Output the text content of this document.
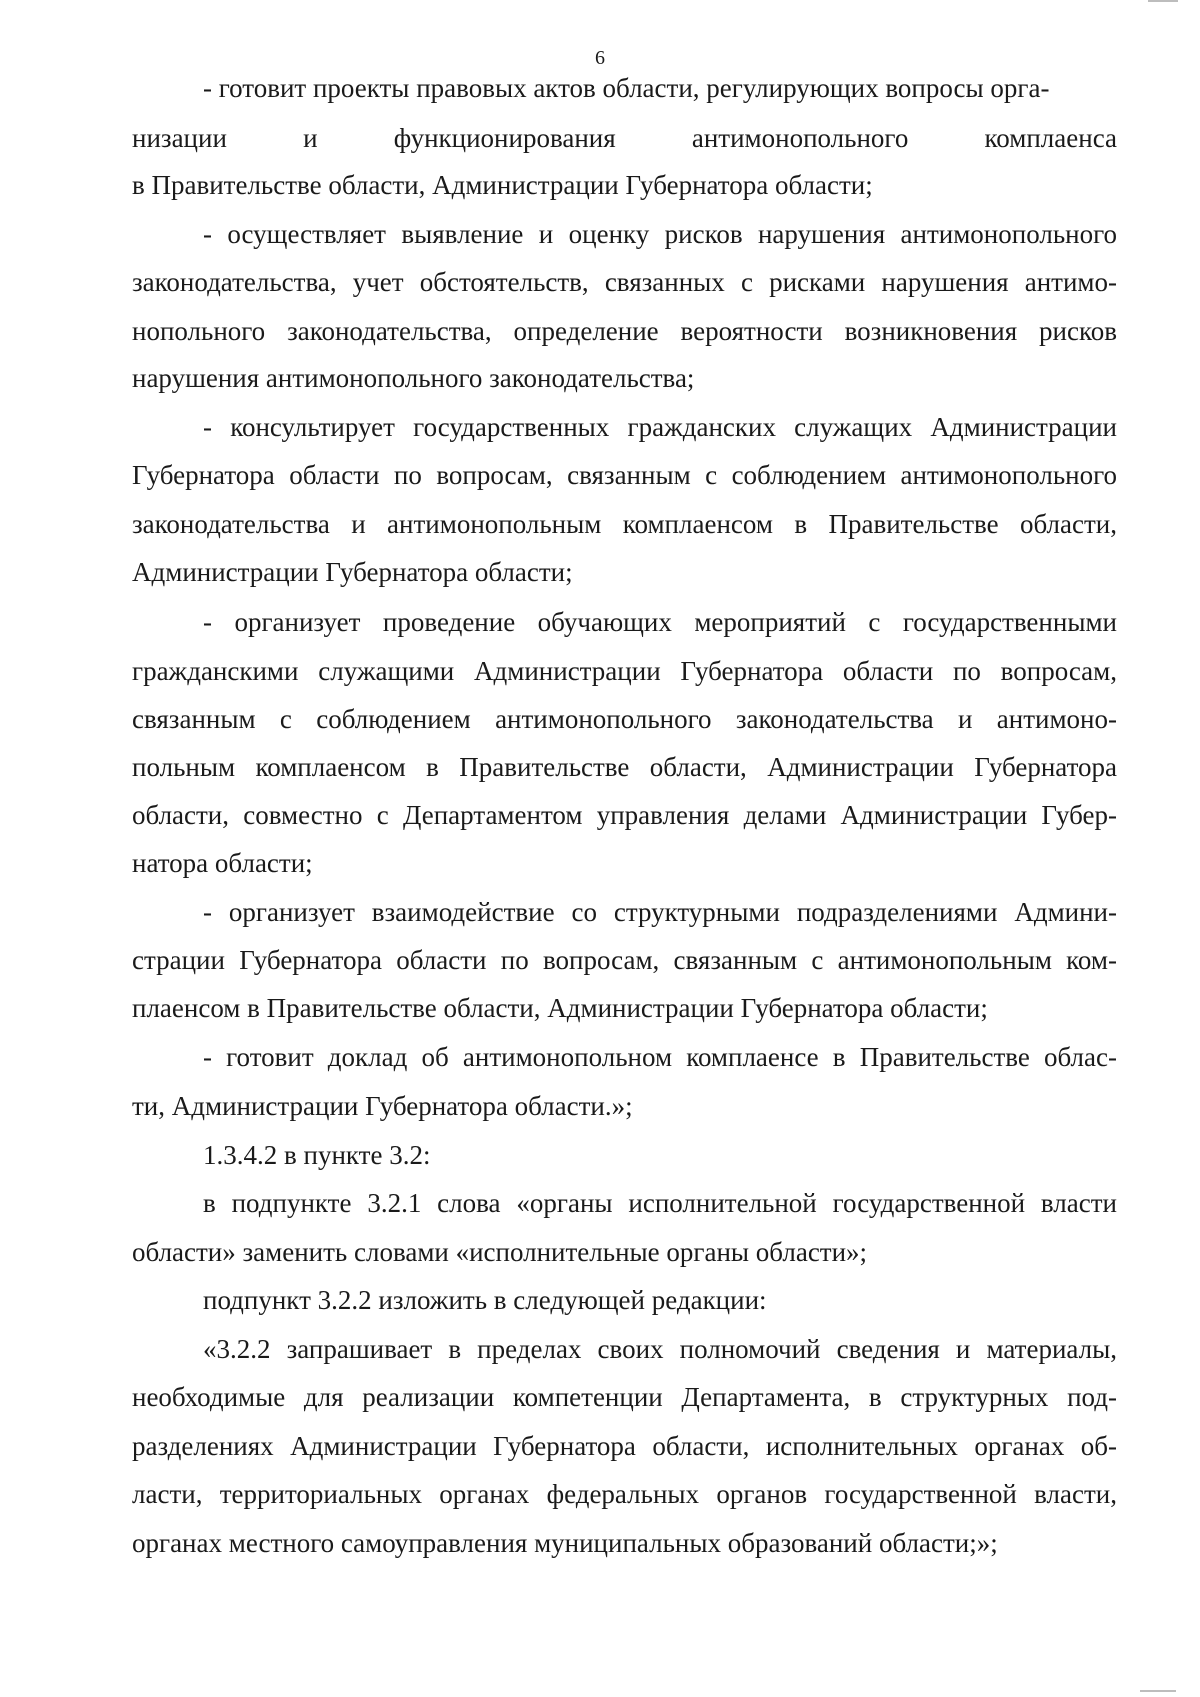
6
- готовит проекты правовых актов области, регулирующих вопросы орга-
низации и функционирования антимонопольного комплаенса
в Правительстве области, Администрации Губернатора области;
- осуществляет выявление и оценку рисков нарушения антимонопольного
законодательства, учет обстоятельств, связанных с рисками нарушения антимо-
нопольного законодательства, определение вероятности возникновения рисков
нарушения антимонопольного законодательства;
- консультирует государственных гражданских служащих Администрации
Губернатора области по вопросам, связанным с соблюдением антимонопольного
законодательства и антимонопольным комплаенсом в Правительстве области,
Администрации Губернатора области;
- организует проведение обучающих мероприятий с государственными
гражданскими служащими Администрации Губернатора области по вопросам,
связанным с соблюдением антимонопольного законодательства и антимоно-
польным комплаенсом в Правительстве области, Администрации Губернатора
области, совместно с Департаментом управления делами Администрации Губер-
натора области;
- организует взаимодействие со структурными подразделениями Админи-
страции Губернатора области по вопросам, связанным с антимонопольным ком-
плаенсом в Правительстве области, Администрации Губернатора области;
- готовит доклад об антимонопольном комплаенсе в Правительстве облас-
ти, Администрации Губернатора области.»;
1.3.4.2 в пункте 3.2:
в подпункте 3.2.1 слова «органы исполнительной государственной власти
области» заменить словами «исполнительные органы области»;
подпункт 3.2.2 изложить в следующей редакции:
«3.2.2 запрашивает в пределах своих полномочий сведения и материалы,
необходимые для реализации компетенции Департамента, в структурных под-
разделениях Администрации Губернатора области, исполнительных органах об-
ласти, территориальных органах федеральных органов государственной власти,
органах местного самоуправления муниципальных образований области;»;
